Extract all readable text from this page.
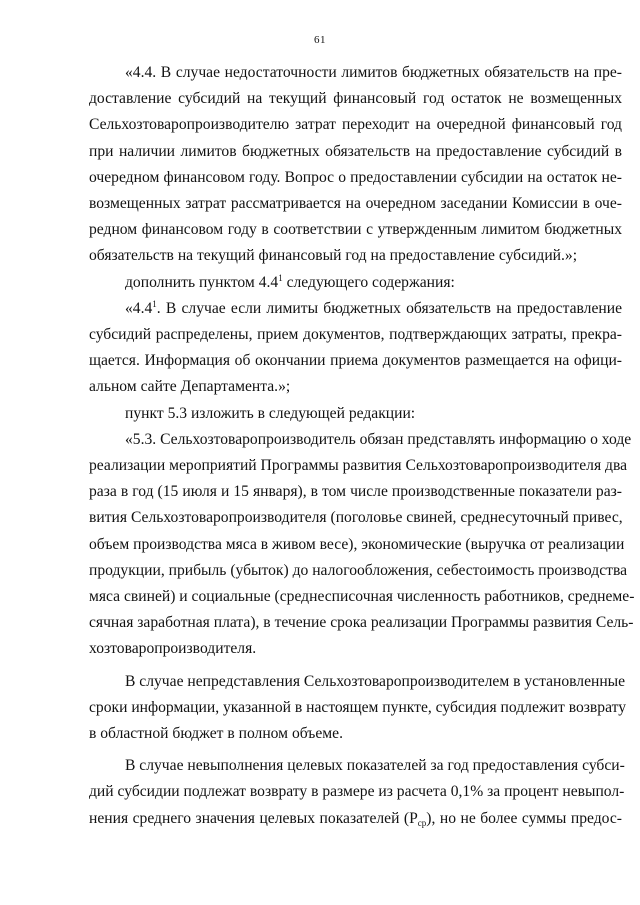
61
«4.4. В случае недостаточности лимитов бюджетных обязательств на пре-
доставление субсидий на текущий финансовый год остаток не возмещенных
Сельхозтоваропроизводителю затрат переходит на очередной финансовый год
при наличии лимитов бюджетных обязательств на предоставление субсидий в
очередном финансовом году. Вопрос о предоставлении субсидии на остаток не-
возмещенных затрат рассматривается на очередном заседании Комиссии в оче-
редном финансовом году в соответствии с утвержденным лимитом бюджетных
обязательств на текущий финансовый год на предоставление субсидий.»;
дополнить пунктом $4.4^1$ следующего содержания:
«$4.4^1$. В случае если лимиты бюджетных обязательств на предоставление
субсидий распределены, прием документов, подтверждающих затраты, прекра-
щается. Информация об окончании приема документов размещается на офици-
альном сайте Департамента.»;
пункт 5.3 изложить в следующей редакции:
«5.3. Сельхозтоваропроизводитель обязан представлять информацию о ходе
реализации мероприятий Программы развития Сельхозтоваропроизводителя два
раза в год (15 июля и 15 января), в том числе производственные показатели раз-
вития Сельхозтоваропроизводителя (поголовье свиней, среднесуточный привес,
объем производства мяса в живом весе), экономические (выручка от реализации
продукции, прибыль (убыток) до налогообложения, себестоимость производства
мяса свиней) и социальные (среднесписочная численность работников, среднеме-
сячная заработная плата), в течение срока реализации Программы развития Сель-
хозтоваропроизводителя.
В случае непредставления Сельхозтоваропроизводителем в установленные
сроки информации, указанной в настоящем пункте, субсидия подлежит возврату
в областной бюджет в полном объеме.
В случае невыполнения целевых показателей за год предоставления субси-
дий субсидии подлежат возврату в размере из расчета 0,1% за процент невыпол-
нения среднего значения целевых показателей $(Р_{ср})$, но не более суммы предос-
